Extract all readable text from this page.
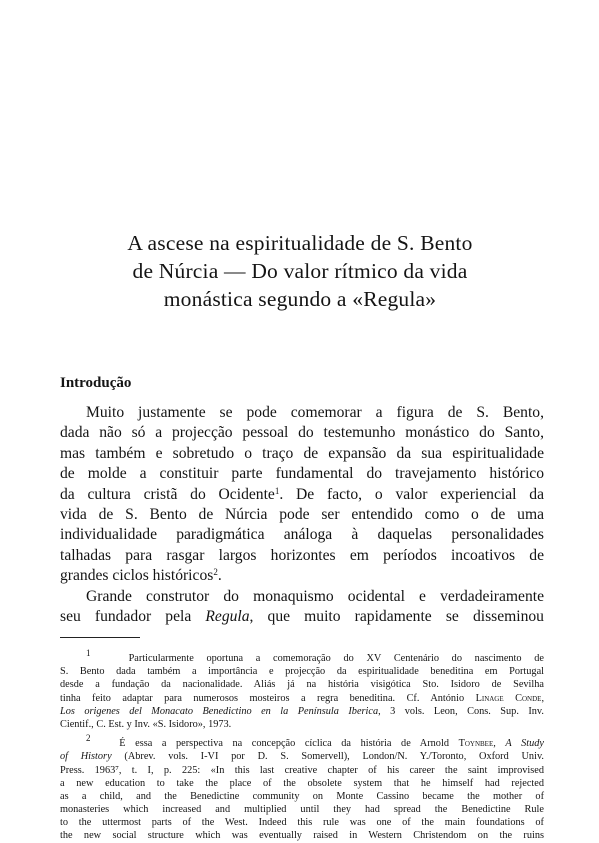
A ascese na espiritualidade de S. Bento
de Núrcia — Do valor rítmico da vida
monástica segundo a «Regula»
Introdução
Muito justamente se pode comemorar a figura de S. Bento,
dada não só a projecção pessoal do testemunho monástico do Santo,
mas também e sobretudo o traço de expansão da sua espiritualidade
de molde a constituir parte fundamental do travejamento histórico
da cultura cristã do Ocidente$^1$. De facto, o valor experiencial da
vida de S. Bento de Núrcia pode ser entendido como o de uma
individualidade paradigmática análoga à daquelas personalidades
talhadas para rasgar largos horizontes em períodos incoativos de
grandes ciclos históricos$^2$.
Grande construtor do monaquismo ocidental e verdadeiramente
seu fundador pela Regula, que muito rapidamente se disseminou
$^1$	Particularmente oportuna a comemoração do XV Centenário do nascimento de
S. Bento dada também a importância e projecção da espiritualidade beneditina em Portugal
desde a fundação da nacionalidade. Aliás já na história visigótica Sto. Isidoro de Sevilha
tinha feito adaptar para numerosos mosteiros a regra beneditina. Cf. António Linage Conde,
Los origenes del Monacato Benedictino en la Península Iberica, 3 vols. Leon, Cons. Sup. Inv.
Cientif., C. Est. y Inv. «S. Isidoro», 1973.
$^2$	É essa a perspectiva na concepção cíclica da história de Arnold Toynbee, A Study
of History (Abrev. vols. I-VI por D. S. Somervell), London/N. Y./Toronto, Oxford Univ.
Press. 1963⁷, t. I, p. 225: «In this last creative chapter of his career the saint improvised
a new education to take the place of the obsolete system that he himself had rejected
as a child, and the Benedictine community on Monte Cassino became the mother of
monasteries which increased and multiplied until they had spread the Benedictine Rule
to the uttermost parts of the West. Indeed this rule was one of the main foundations of
the new social structure which was eventually raised in Western Christendom on the ruins
